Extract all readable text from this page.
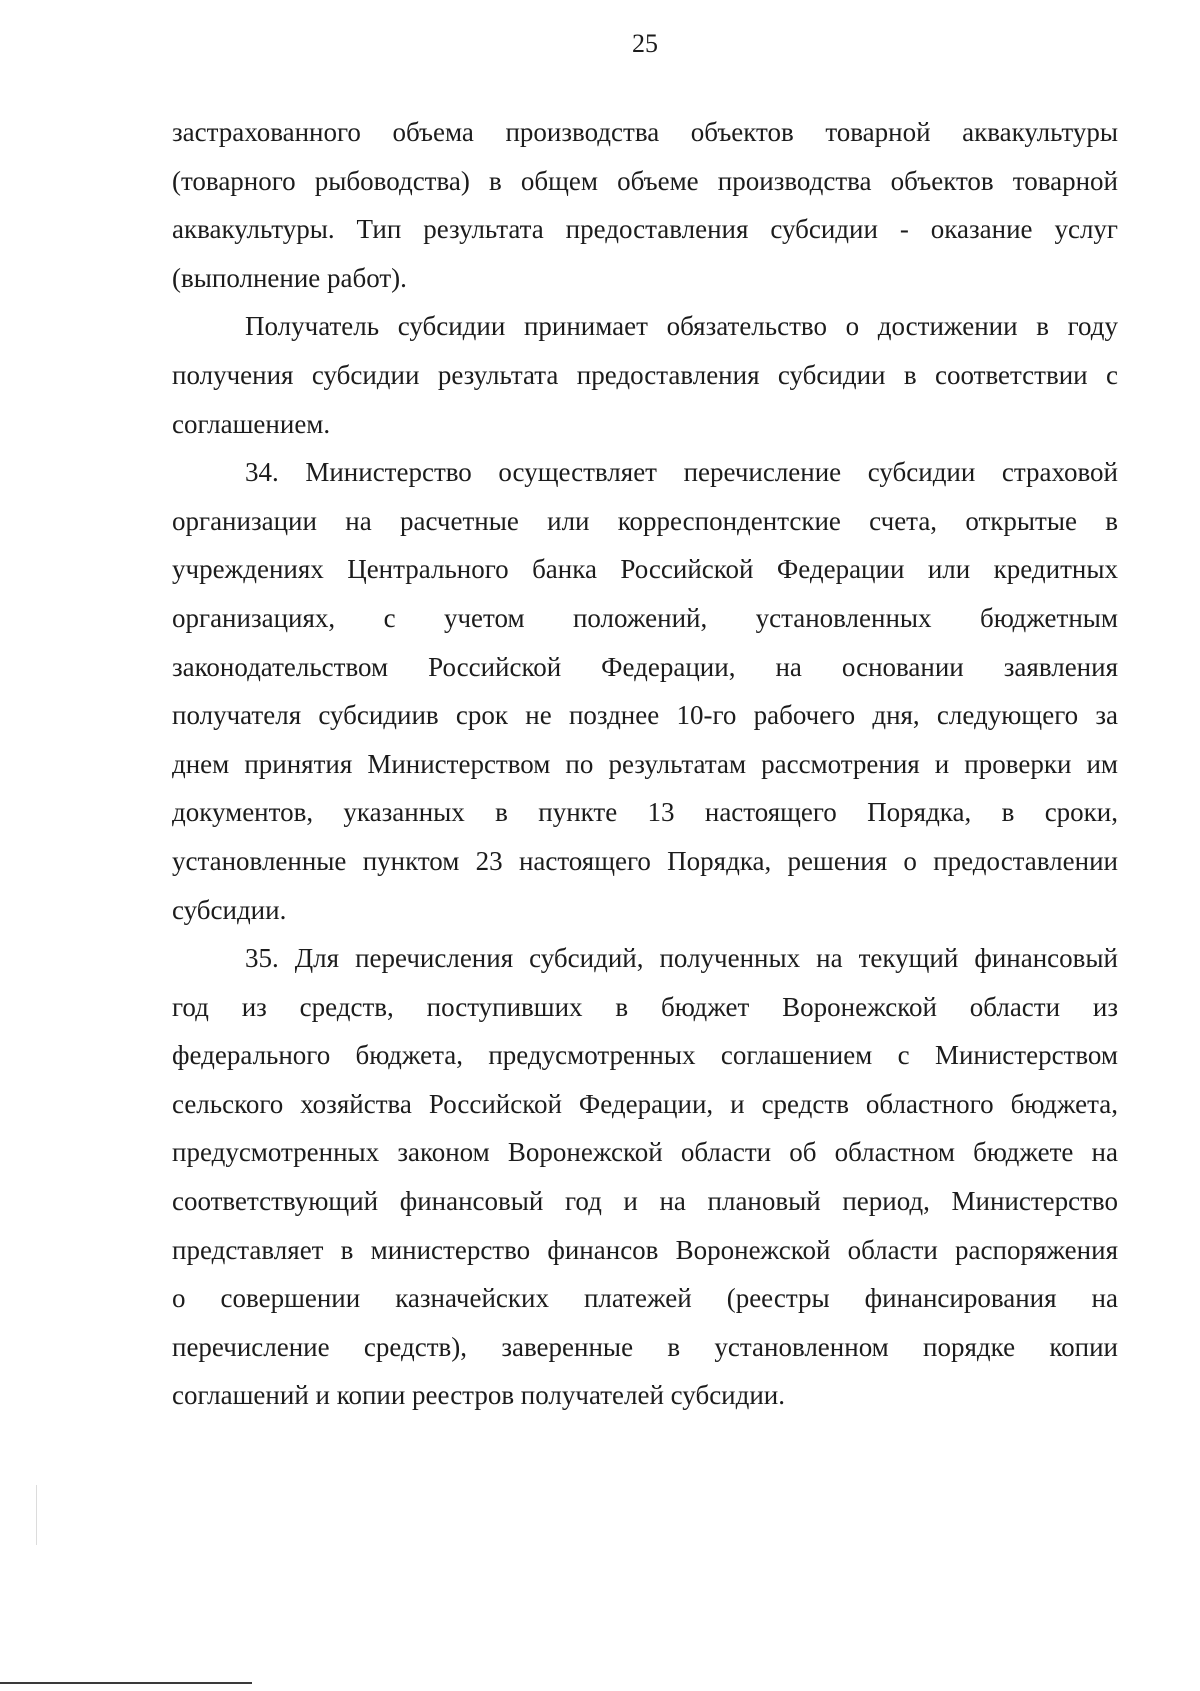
25
застрахованного объема производства объектов товарной аквакультуры
(товарного рыбоводства) в общем объеме производства объектов товарной
аквакультуры. Тип результата предоставления субсидии - оказание услуг
(выполнение работ).
Получатель субсидии принимает обязательство о достижении в году
получения субсидии результата предоставления субсидии в соответствии с
соглашением.
34. Министерство осуществляет перечисление субсидии страховой
организации на расчетные или корреспондентские счета, открытые в
учреждениях Центрального банка Российской Федерации или кредитных
организациях, с учетом положений, установленных бюджетным
законодательством Российской Федерации, на основании заявления
получателя субсидиив срок не позднее 10-го рабочего дня, следующего за
днем принятия Министерством по результатам рассмотрения и проверки им
документов, указанных в пункте 13 настоящего Порядка, в сроки,
установленные пунктом 23 настоящего Порядка, решения о предоставлении
субсидии.
35. Для перечисления субсидий, полученных на текущий финансовый
год из средств, поступивших в бюджет Воронежской области из
федерального бюджета, предусмотренных соглашением с Министерством
сельского хозяйства Российской Федерации, и средств областного бюджета,
предусмотренных законом Воронежской области об областном бюджете на
соответствующий финансовый год и на плановый период, Министерство
представляет в министерство финансов Воронежской области распоряжения
о совершении казначейских платежей (реестры финансирования на
перечисление средств), заверенные в установленном порядке копии
соглашений и копии реестров получателей субсидии.
